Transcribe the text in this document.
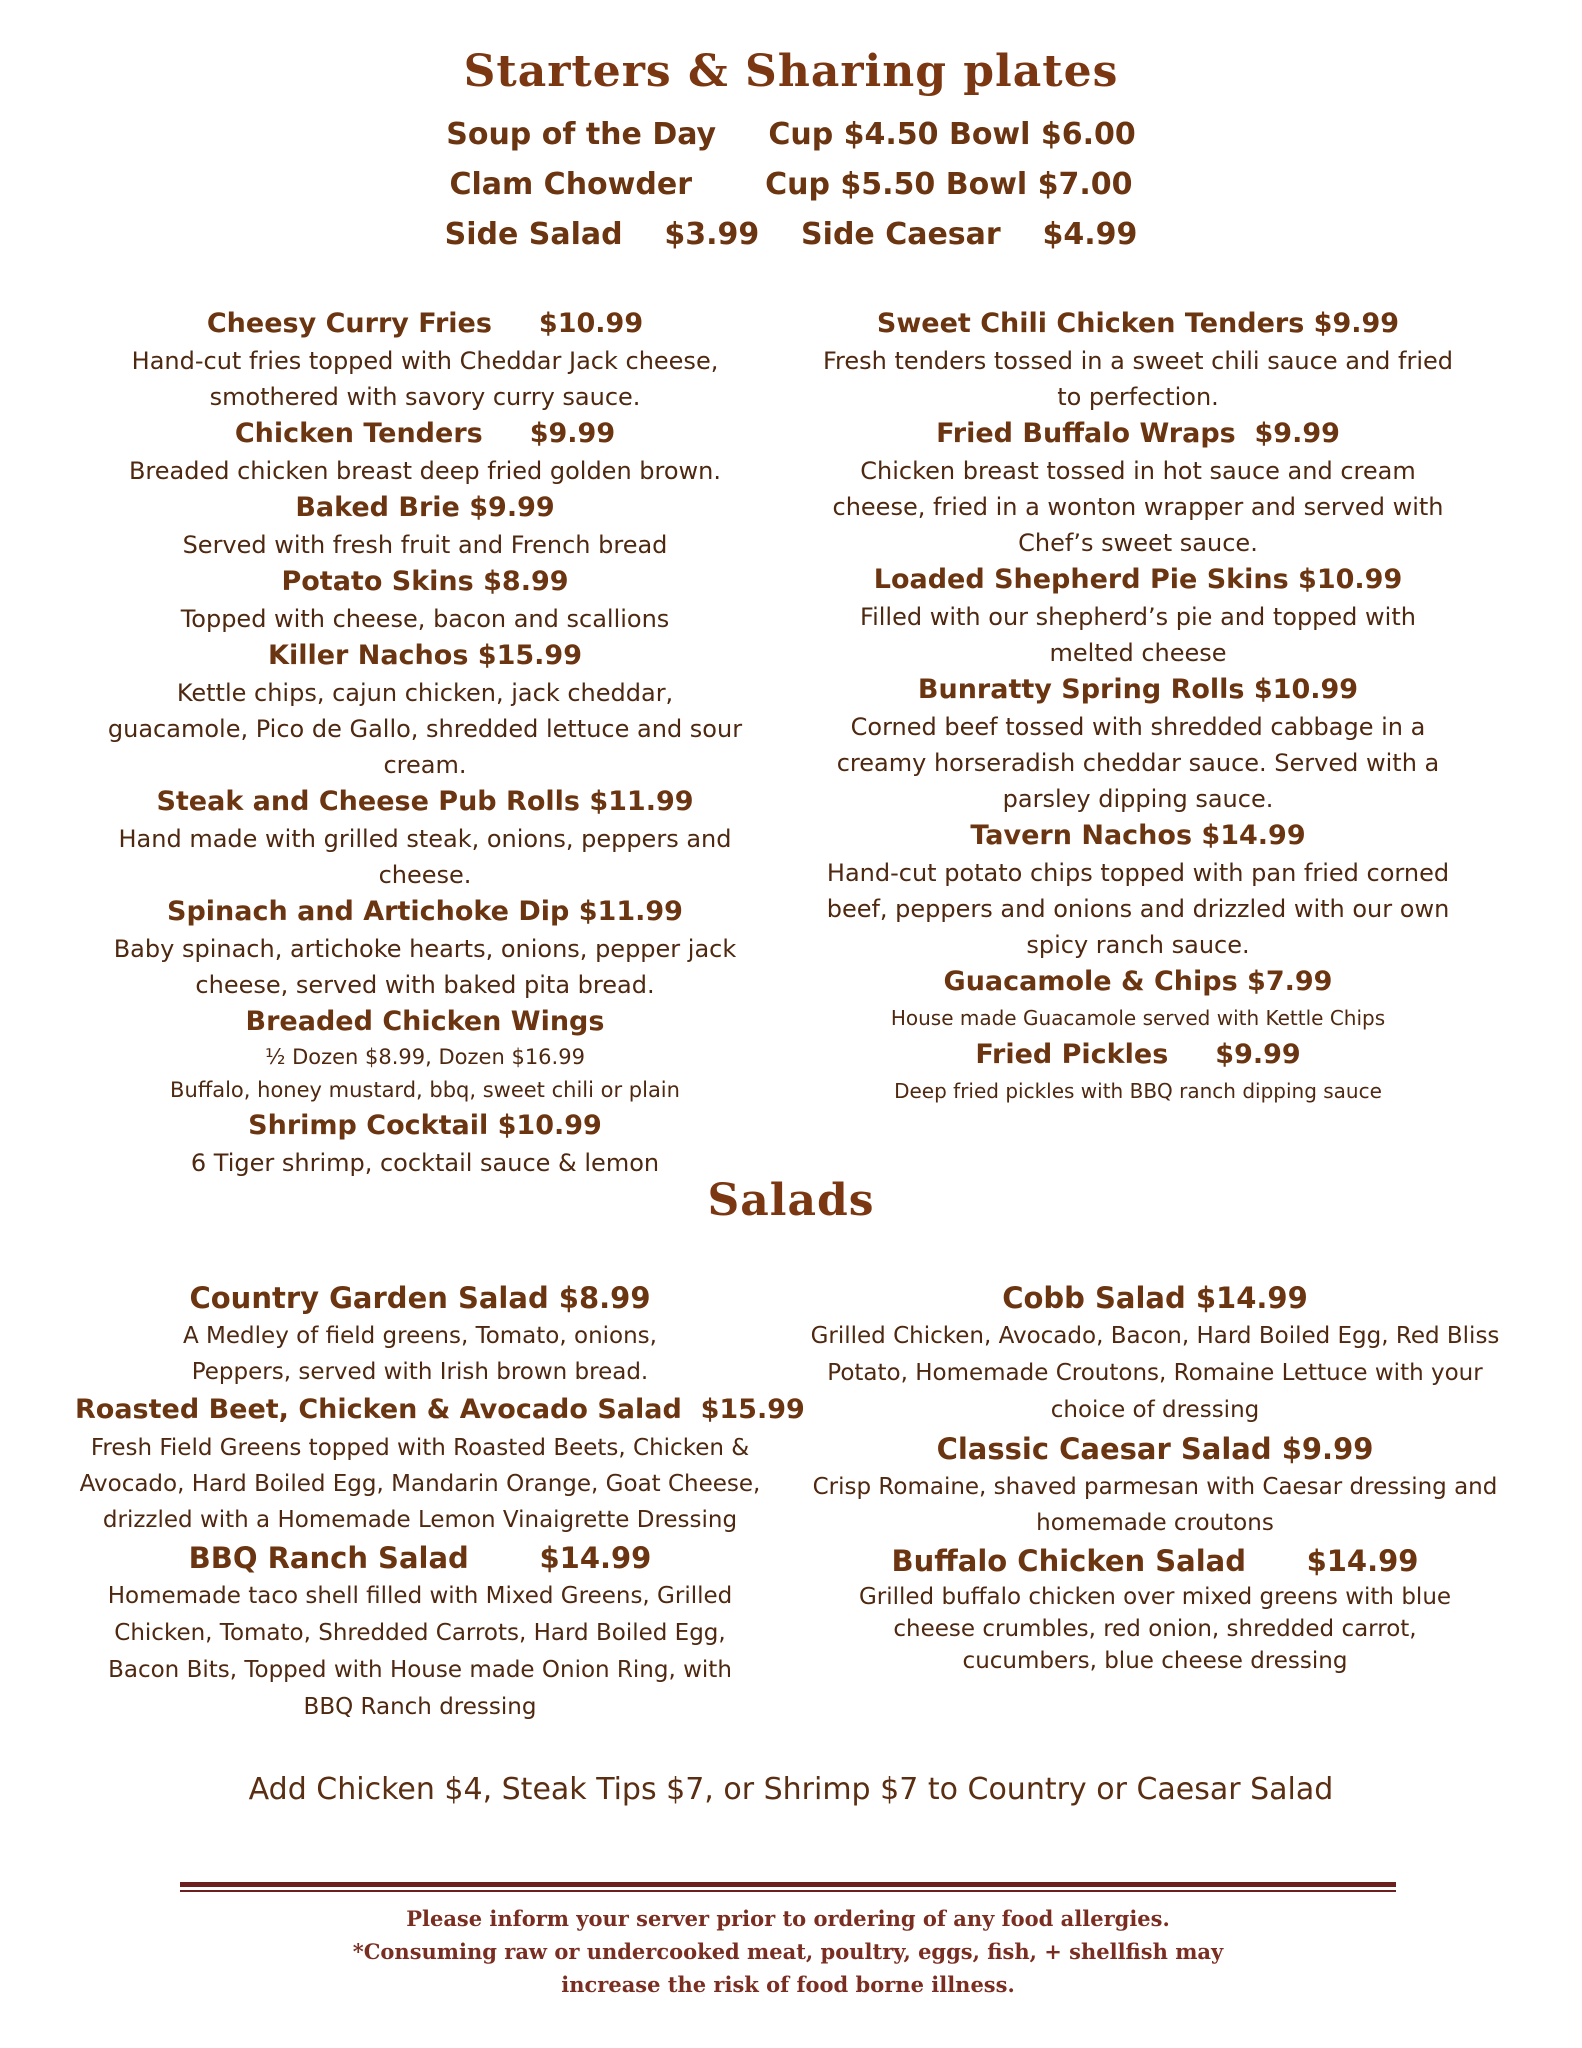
Starters & Sharing plates
Soup of the Day     Cup $4.50 Bowl $6.00
Clam Chowder       Cup $5.50 Bowl $7.00
Side Salad    $3.99    Side Caesar    $4.99
Cheesy Curry Fries     $10.99
Hand-cut fries topped with Cheddar Jack cheese, smothered with savory curry sauce.
Chicken Tenders     $9.99
Breaded chicken breast deep fried golden brown.
Baked Brie $9.99
Served with fresh fruit and French bread
Potato Skins $8.99
Topped with cheese, bacon and scallions
Killer Nachos $15.99
Kettle chips, cajun chicken, jack cheddar, guacamole, Pico de Gallo, shredded lettuce and sour cream.
Steak and Cheese Pub Rolls $11.99
Hand made with grilled steak, onions, peppers and cheese.
Spinach and Artichoke Dip $11.99
Baby spinach, artichoke hearts, onions, pepper jack cheese, served with baked pita bread.
Breaded Chicken Wings
½ Dozen $8.99, Dozen $16.99
Buffalo, honey mustard, bbq, sweet chili or plain
Shrimp Cocktail $10.99
6 Tiger shrimp, cocktail sauce & lemon
Sweet Chili Chicken Tenders $9.99
Fresh tenders tossed in a sweet chili sauce and fried to perfection.
Fried Buffalo Wraps  $9.99
Chicken breast tossed in hot sauce and cream cheese, fried in a wonton wrapper and served with Chef’s sweet sauce.
Loaded Shepherd Pie Skins $10.99
Filled with our shepherd’s pie and topped with melted cheese
Bunratty Spring Rolls $10.99
Corned beef tossed with shredded cabbage in a creamy horseradish cheddar sauce. Served with a parsley dipping sauce.
Tavern Nachos $14.99
Hand-cut potato chips topped with pan fried corned beef, peppers and onions and drizzled with our own spicy ranch sauce.
Guacamole & Chips $7.99
House made Guacamole served with Kettle Chips
Fried Pickles     $9.99
Deep fried pickles with BBQ ranch dipping sauce
Salads
Country Garden Salad $8.99
A Medley of field greens, Tomato, onions, Peppers, served with Irish brown bread.
Roasted Beet, Chicken & Avocado Salad  $15.99
Fresh Field Greens topped with Roasted Beets, Chicken & Avocado, Hard Boiled Egg, Mandarin Orange, Goat Cheese, drizzled with a Homemade Lemon Vinaigrette Dressing
BBQ Ranch Salad       $14.99
Homemade taco shell filled with Mixed Greens, Grilled Chicken, Tomato, Shredded Carrots, Hard Boiled Egg, Bacon Bits, Topped with House made Onion Ring, with BBQ Ranch dressing
Cobb Salad $14.99
Grilled Chicken, Avocado, Bacon, Hard Boiled Egg, Red Bliss Potato, Homemade Croutons, Romaine Lettuce with your choice of dressing
Classic Caesar Salad $9.99
Crisp Romaine, shaved parmesan with Caesar dressing and homemade croutons
Buffalo Chicken Salad      $14.99
Grilled buffalo chicken over mixed greens with blue cheese crumbles, red onion, shredded carrot, cucumbers, blue cheese dressing
Add Chicken $4, Steak Tips $7, or Shrimp $7 to Country or Caesar Salad
Please inform your server prior to ordering of any food allergies.
*Consuming raw or undercooked meat, poultry, eggs, fish, + shellfish may increase the risk of food borne illness.
